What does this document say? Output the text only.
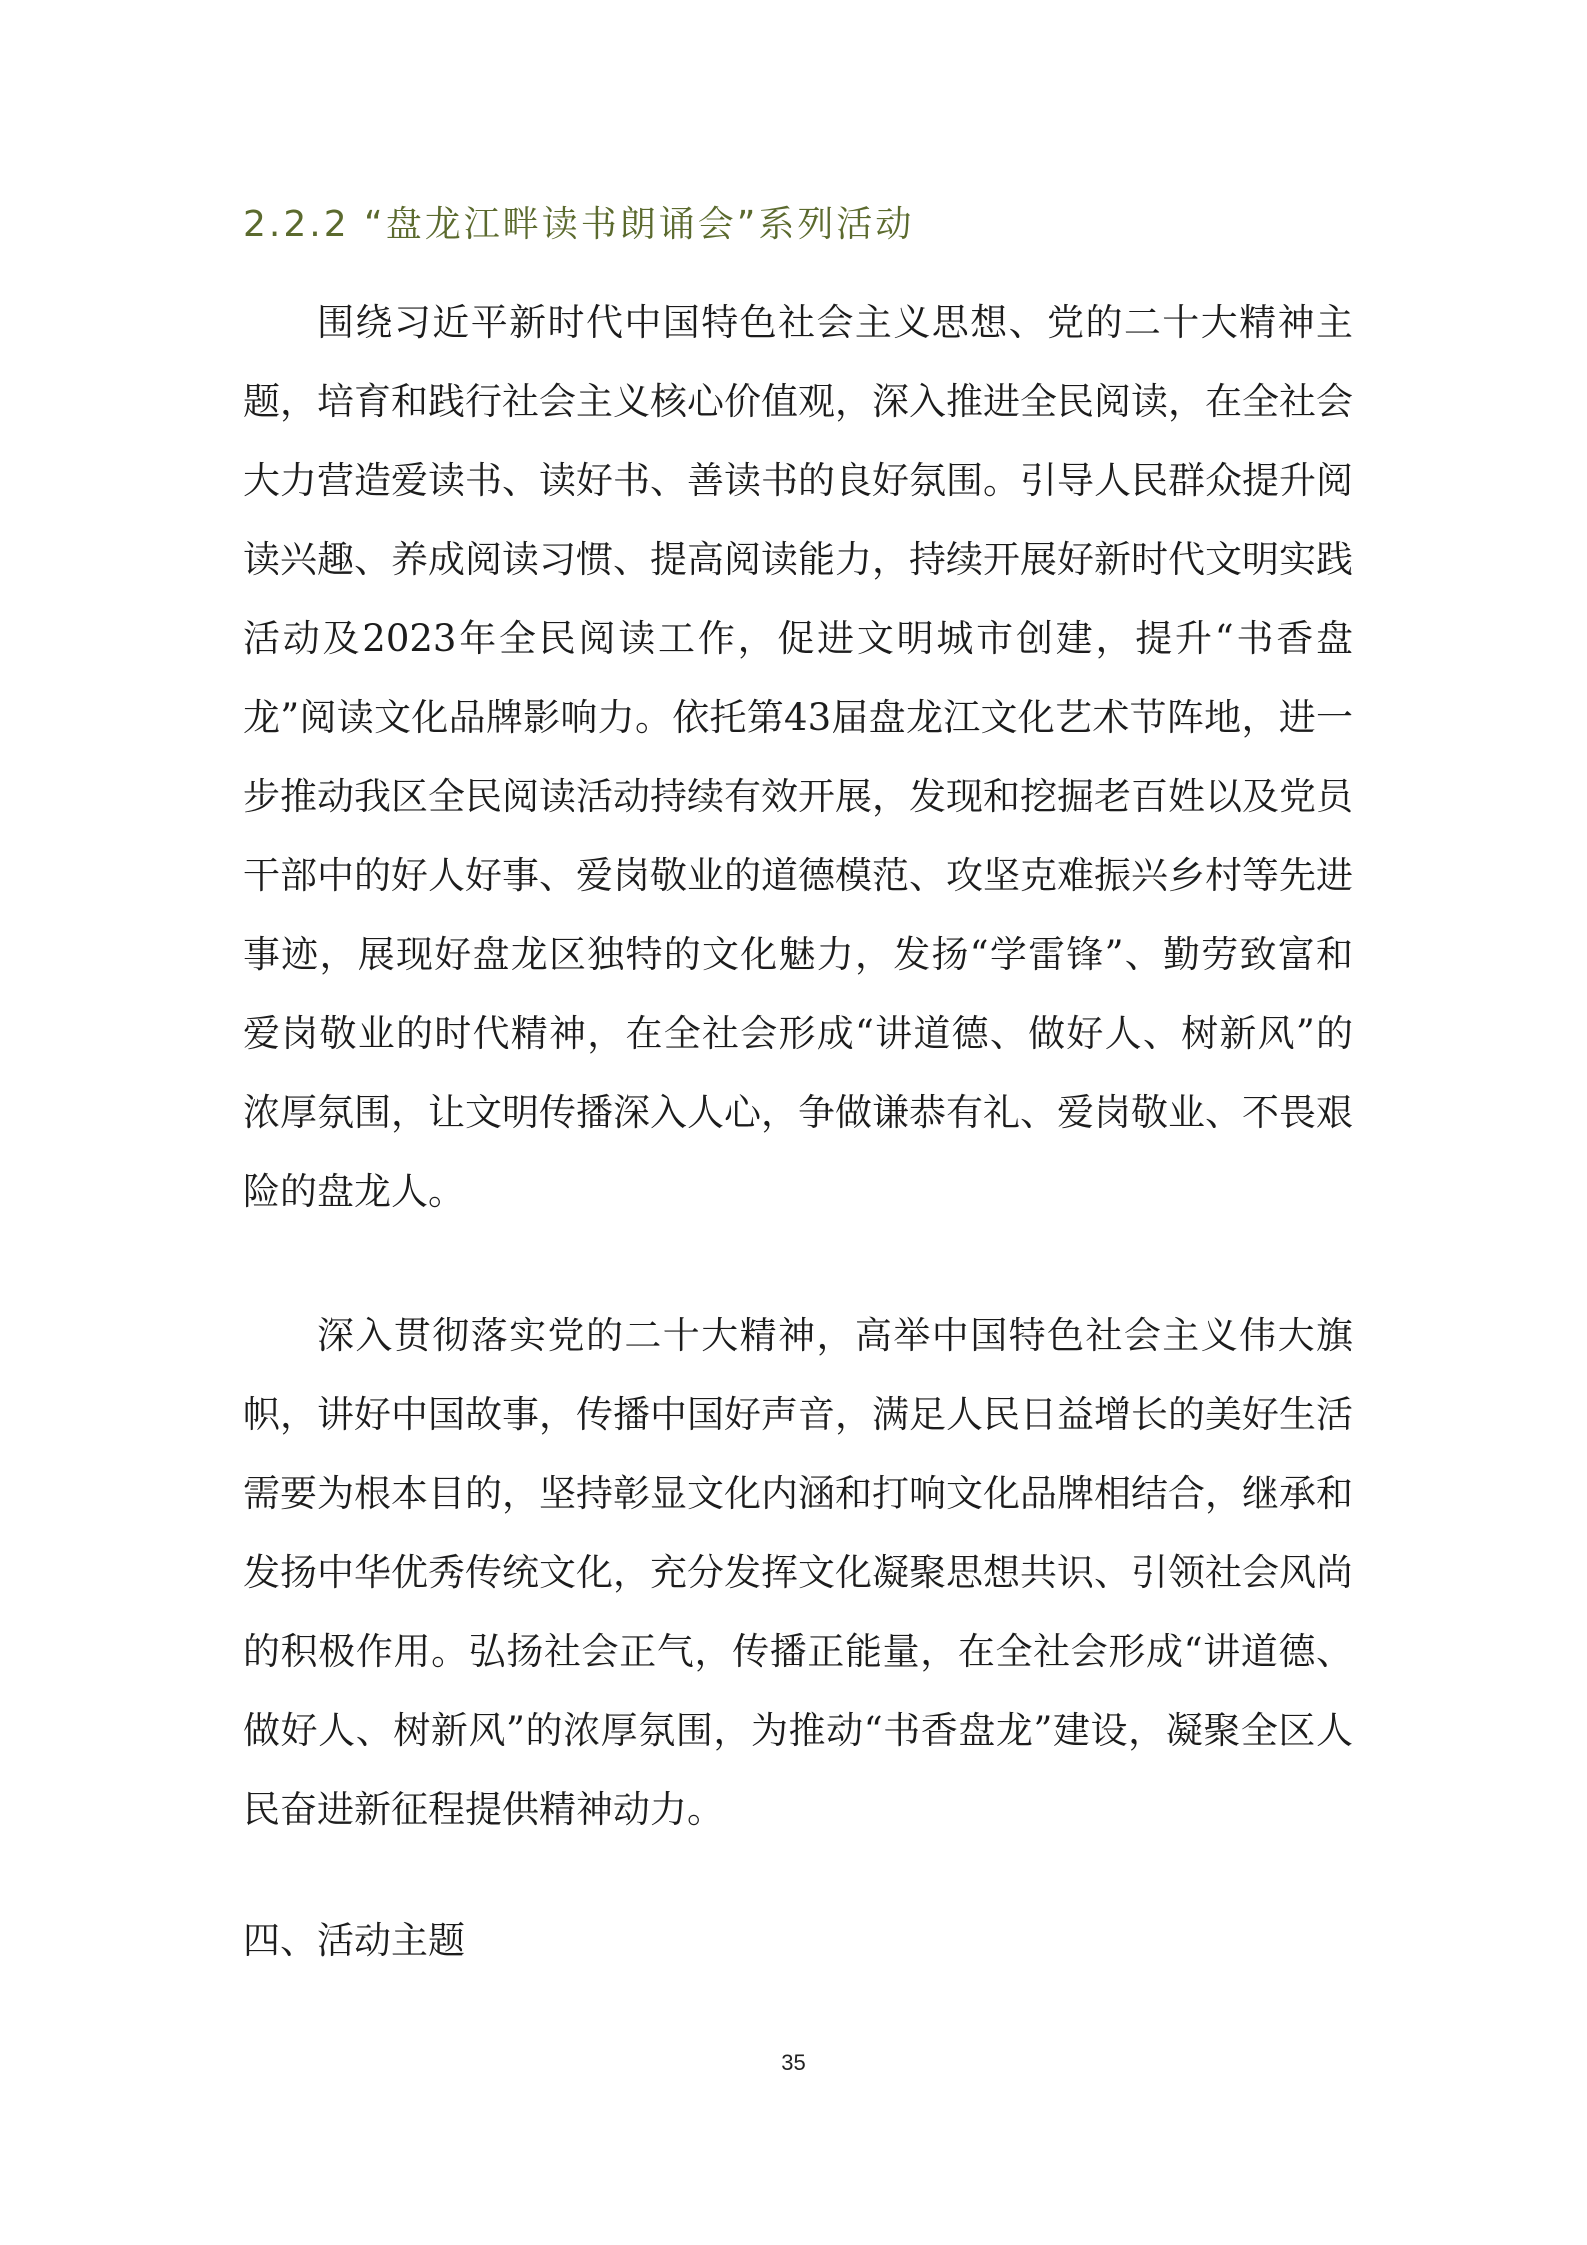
2.2.2 “盘龙江畔读书朗诵会”系列活动

围绕习近平新时代中国特色社会主义思想、党的二十大精神主题，培育和践行社会主义核心价值观，深入推进全民阅读，在全社会大力营造爱读书、读好书、善读书的良好氛围。引导人民群众提升阅读兴趣、养成阅读习惯、提高阅读能力，持续开展好新时代文明实践活动及2023年全民阅读工作，促进文明城市创建，提升“书香盘龙”阅读文化品牌影响力。依托第43届盘龙江文化艺术节阵地，进一步推动我区全民阅读活动持续有效开展，发现和挖掘老百姓以及党员干部中的好人好事、爱岗敬业的道德模范、攻坚克难振兴乡村等先进事迹，展现好盘龙区独特的文化魅力，发扬“学雷锋”、勤劳致富和爱岗敬业的时代精神，在全社会形成“讲道德、做好人、树新风”的浓厚氛围，让文明传播深入人心，争做谦恭有礼、爱岗敬业、不畏艰险的盘龙人。

深入贯彻落实党的二十大精神，高举中国特色社会主义伟大旗帜，讲好中国故事，传播中国好声音，满足人民日益增长的美好生活需要为根本目的，坚持彰显文化内涵和打响文化品牌相结合，继承和发扬中华优秀传统文化，充分发挥文化凝聚思想共识、引领社会风尚的积极作用。弘扬社会正气，传播正能量，在全社会形成“讲道德、做好人、树新风”的浓厚氛围，为推动“书香盘龙”建设，凝聚全区人民奋进新征程提供精神动力。

四、活动主题
35
